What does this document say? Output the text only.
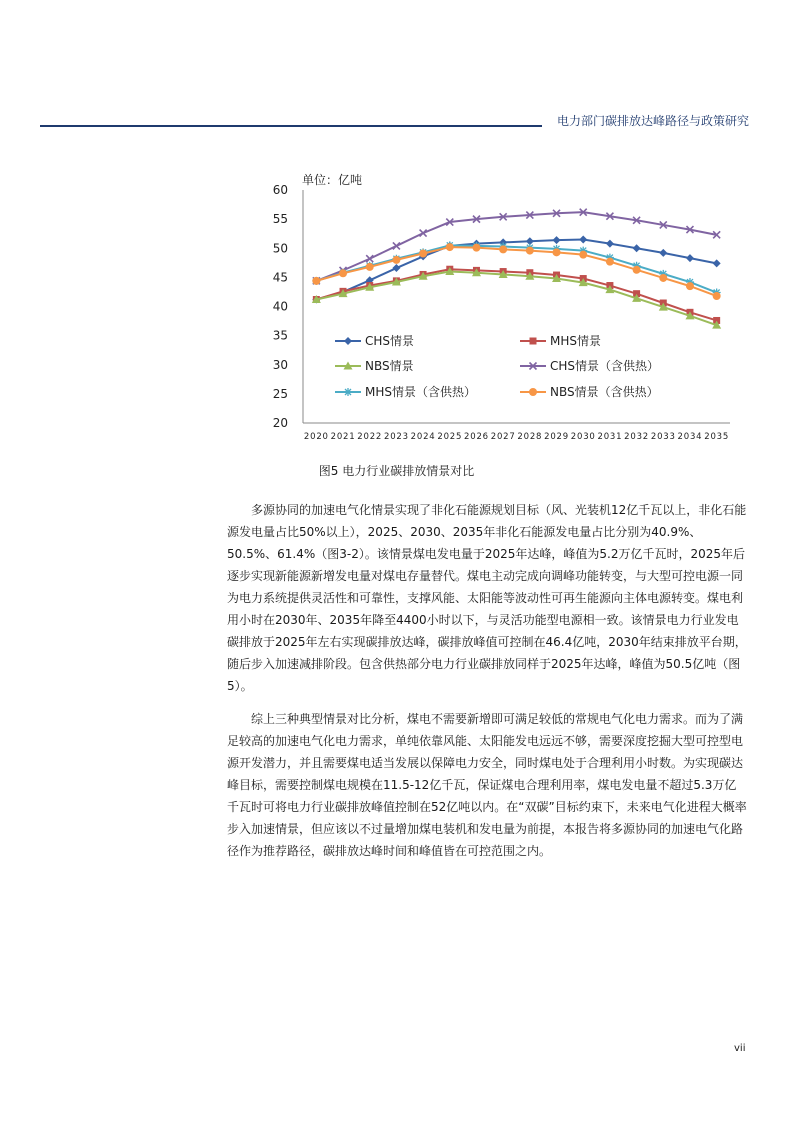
电力部门碳排放达峰路径与政策研究
单位：亿吨
20
25
30
35
40
45
50
55
60
2020 2021 2022 2023 2024 2025 2026 2027 2028 2029 2030 2031 2032 2033 2034 2035
CHS情景	MHS情景
NBS情景	CHS情景（含供热）
MHS情景（含供热）	NBS情景（含供热）
图5 电力行业碳排放情景对比

多源协同的加速电气化情景实现了非化石能源规划目标（风、光装机12亿千瓦以上，非化石能源发电量占比50%以上），2025、2030、2035年非化石能源发电量占比分别为40.9%、50.5%、61.4%（图3-2）。该情景煤电发电量于2025年达峰，峰值为5.2万亿千瓦时，2025年后逐步实现新能源新增发电量对煤电存量替代。煤电主动完成向调峰功能转变，与大型可控电源一同为电力系统提供灵活性和可靠性，支撑风能、太阳能等波动性可再生能源向主体电源转变。煤电利用小时在2030年、2035年降至4400小时以下，与灵活功能型电源相一致。该情景电力行业发电碳排放于2025年左右实现碳排放达峰，碳排放峰值可控制在46.4亿吨，2030年结束排放平台期，随后步入加速减排阶段。包含供热部分电力行业碳排放同样于2025年达峰，峰值为50.5亿吨（图5）。

综上三种典型情景对比分析，煤电不需要新增即可满足较低的常规电气化电力需求。而为了满足较高的加速电气化电力需求，单纯依靠风能、太阳能发电远远不够，需要深度挖掘大型可控型电源开发潜力，并且需要煤电适当发展以保障电力安全，同时煤电处于合理利用小时数。为实现碳达峰目标，需要控制煤电规模在11.5-12亿千瓦，保证煤电合理利用率，煤电发电量不超过5.3万亿千瓦时可将电力行业碳排放峰值控制在52亿吨以内。在“双碳”目标约束下，未来电气化进程大概率步入加速情景，但应该以不过量增加煤电装机和发电量为前提，本报告将多源协同的加速电气化路径作为推荐路径，碳排放达峰时间和峰值皆在可控范围之内。

vii
